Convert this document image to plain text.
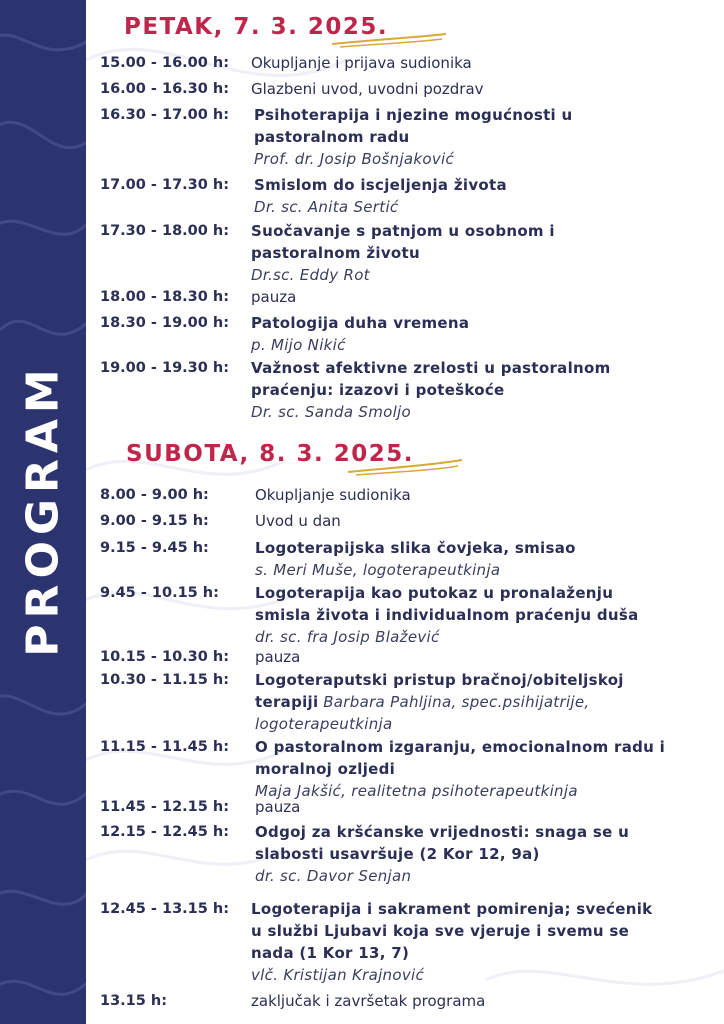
PROGRAM
PETAK, 7. 3. 2025.
15.00 - 16.00 h: Okupljanje i prijava sudionika
16.00 - 16.30 h: Glazbeni uvod, uvodni pozdrav
16.30 - 17.00 h: Psihoterapija i njezine mogućnosti u
pastoralnom radu
Prof. dr. Josip Bošnjaković
17.00 - 17.30 h: Smislom do iscjeljenja života
Dr. sc. Anita Sertić
17.30 - 18.00 h: Suočavanje s patnjom u osobnom i
pastoralnom životu
Dr.sc. Eddy Rot
18.00 - 18.30 h: pauza
18.30 - 19.00 h: Patologija duha vremena
p. Mijo Nikić
19.00 - 19.30 h: Važnost afektivne zrelosti u pastoralnom
praćenju: izazovi i poteškoće
Dr. sc. Sanda Smoljo
SUBOTA, 8. 3. 2025.
8.00 - 9.00 h:	Okupljanje sudionika
9.00 - 9.15 h:	Uvod u dan
9.15 - 9.45 h:	Logoterapijska slika čovjeka, smisao
s. Meri Muše, logoterapeutkinja
9.45 - 10.15 h: Logoterapija kao putokaz u pronalaženju
smisla života i individualnom praćenju duša
dr. sc. fra Josip Blažević
10.15 - 10.30 h: pauza
10.30 - 11.15 h: Logoteraputski pristup bračnoj/obiteljskoj
terapiji Barbara Pahljina, spec.psihijatrije,
logoterapeutkinja
11.15 - 11.45 h: O pastoralnom izgaranju, emocionalnom radu i
moralnoj ozljedi
Maja Jakšić, realitetna psihoterapeutkinja
11.45 - 12.15 h: pauza
12.15 - 12.45 h: Odgoj za kršćanske vrijednosti: snaga se u
slabosti usavršuje (2 Kor 12, 9a)
dr. sc. Davor Senjan
12.45 - 13.15 h: Logoterapija i sakrament pomirenja; svećenik
u službi Ljubavi koja sve vjeruje i svemu se
nada (1 Kor 13, 7)
vlč. Kristijan Krajnović
13.15 h:	zaključak i završetak programa
